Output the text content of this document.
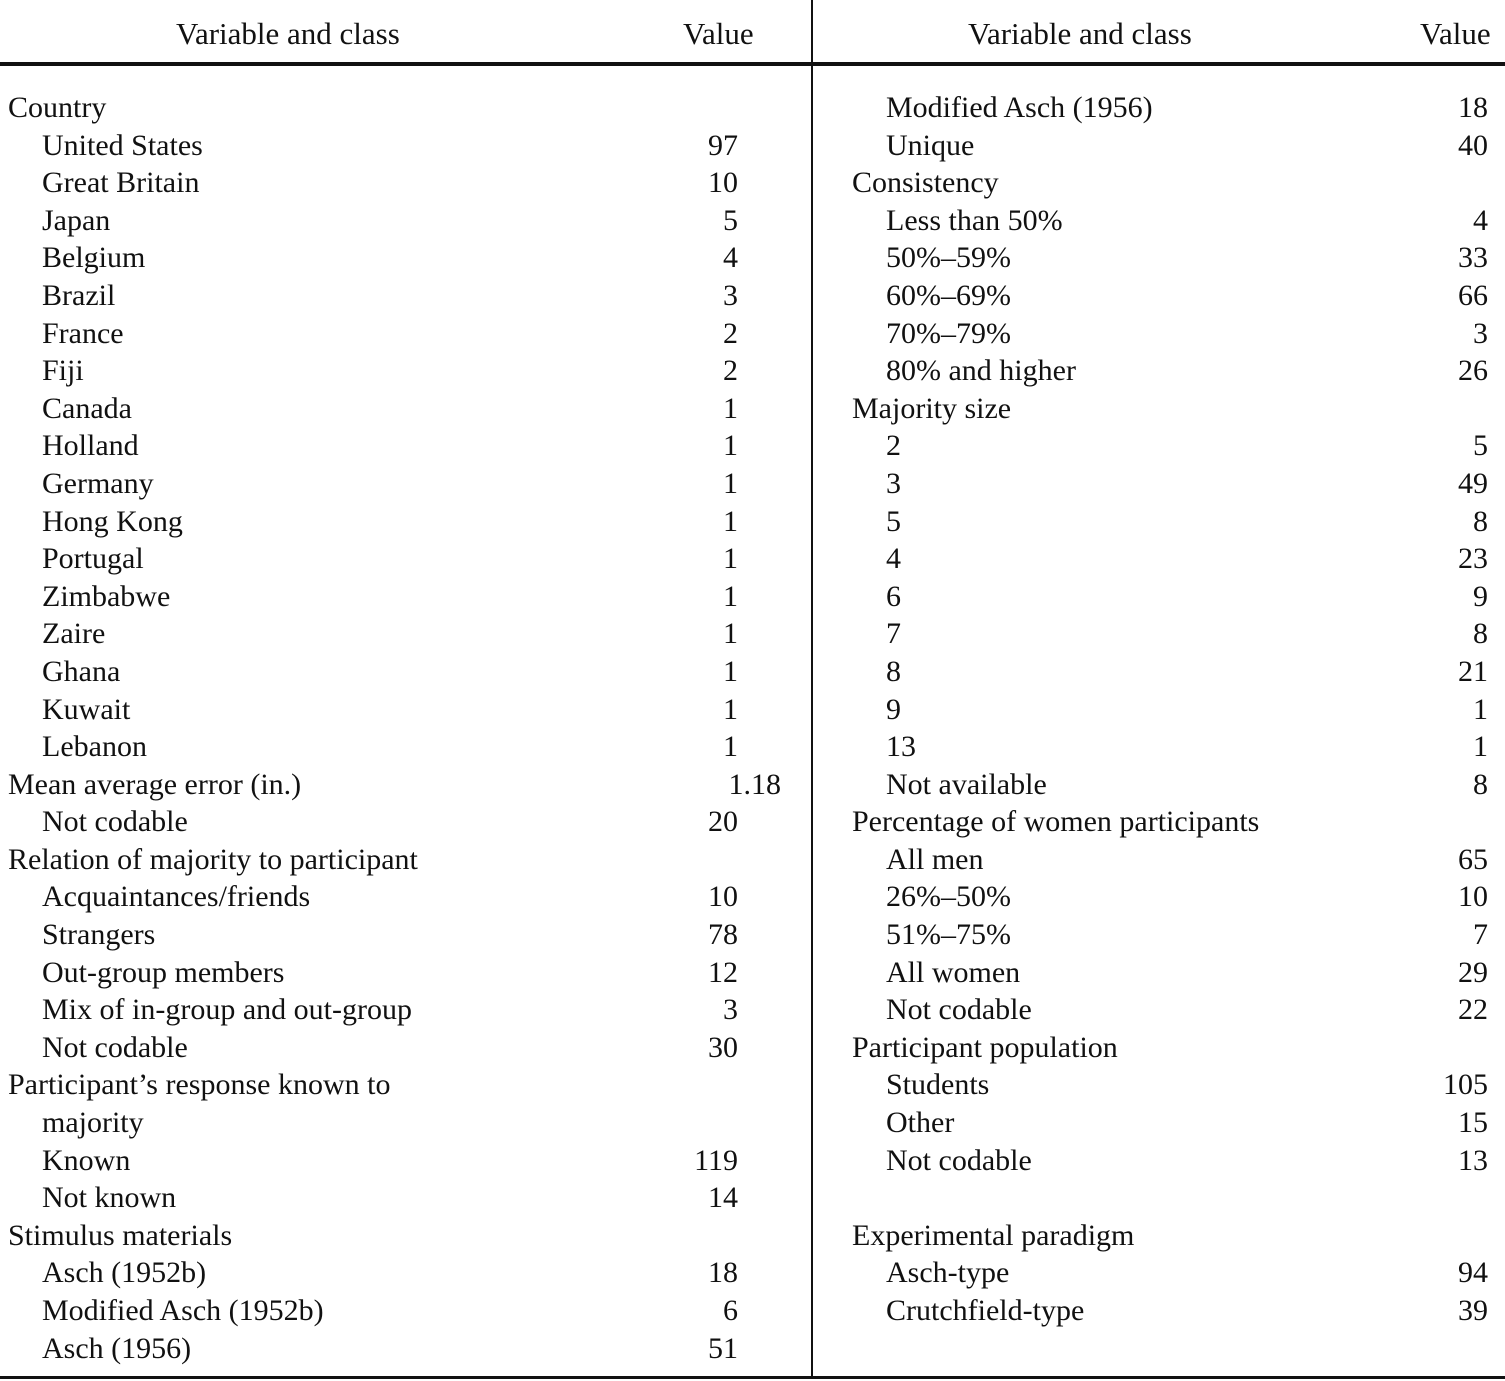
Variable and class	Value	Variable and class	Value
Country
United States	97
Great Britain	10
Japan	5
Belgium	4
Brazil	3
France	2
Fiji	2
Canada	1
Holland	1
Germany	1
Hong Kong	1
Portugal	1
Zimbabwe	1
Zaire	1
Ghana	1
Kuwait	1
Lebanon	1
Mean average error (in.)	1.18
Not codable	20
Relation of majority to participant
Acquaintances/friends	10
Strangers	78
Out-group members	12
Mix of in-group and out-group	3
Not codable	30
Participant’s response known to
majority
Known	119
Not known	14
Stimulus materials
Asch (1952b)	18
Modified Asch (1952b)	6
Asch (1956)	51
Modified Asch (1956)	18
Unique	40
Consistency
Less than 50%	4
50%–59%	33
60%–69%	66
70%–79%	3
80% and higher	26
Majority size
2	5
3	49
5	8
4	23
6	9
7	8
8	21
9	1
13	1
Not available	8
Percentage of women participants
All men	65
26%–50%	10
51%–75%	7
All women	29
Not codable	22
Participant population
Students	105
Other	15
Not codable	13
Experimental paradigm
Asch-type	94
Crutchfield-type	39
